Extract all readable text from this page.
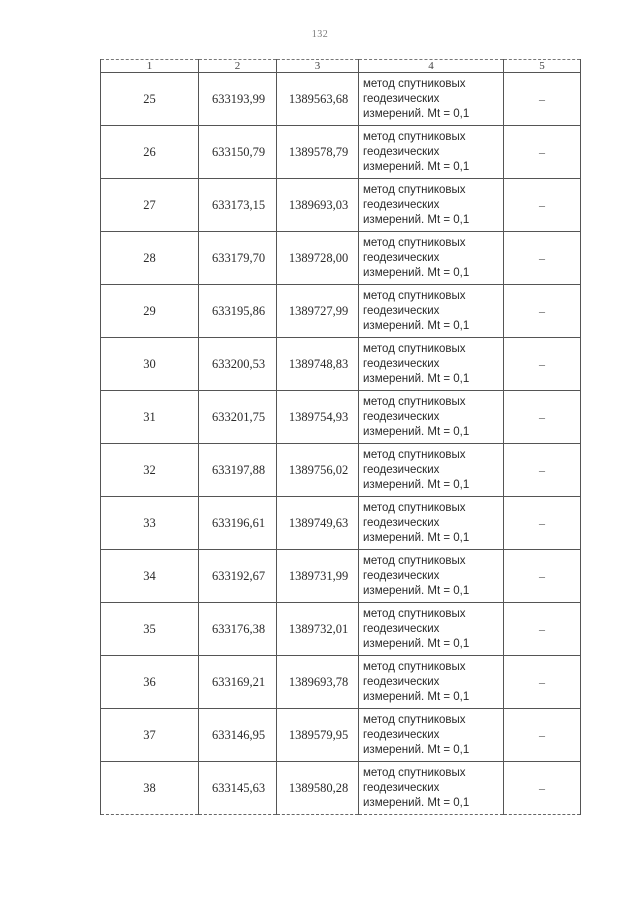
132
1	2	3	4	5
25	633193,99	1389563,68	метод спутниковых
геодезических
измерений. Mt = 0,1	–
26	633150,79	1389578,79	метод спутниковых
геодезических
измерений. Mt = 0,1	–
27	633173,15	1389693,03	метод спутниковых
геодезических
измерений. Mt = 0,1	–
28	633179,70	1389728,00	метод спутниковых
геодезических
измерений. Mt = 0,1	–
29	633195,86	1389727,99	метод спутниковых
геодезических
измерений. Mt = 0,1	–
30	633200,53	1389748,83	метод спутниковых
геодезических
измерений. Mt = 0,1	–
31	633201,75	1389754,93	метод спутниковых
геодезических
измерений. Mt = 0,1	–
32	633197,88	1389756,02	метод спутниковых
геодезических
измерений. Mt = 0,1	–
33	633196,61	1389749,63	метод спутниковых
геодезических
измерений. Mt = 0,1	–
34	633192,67	1389731,99	метод спутниковых
геодезических
измерений. Mt = 0,1	–
35	633176,38	1389732,01	метод спутниковых
геодезических
измерений. Mt = 0,1	–
36	633169,21	1389693,78	метод спутниковых
геодезических
измерений. Mt = 0,1	–
37	633146,95	1389579,95	метод спутниковых
геодезических
измерений. Mt = 0,1	–
38	633145,63	1389580,28	метод спутниковых
геодезических
измерений. Mt = 0,1	–
